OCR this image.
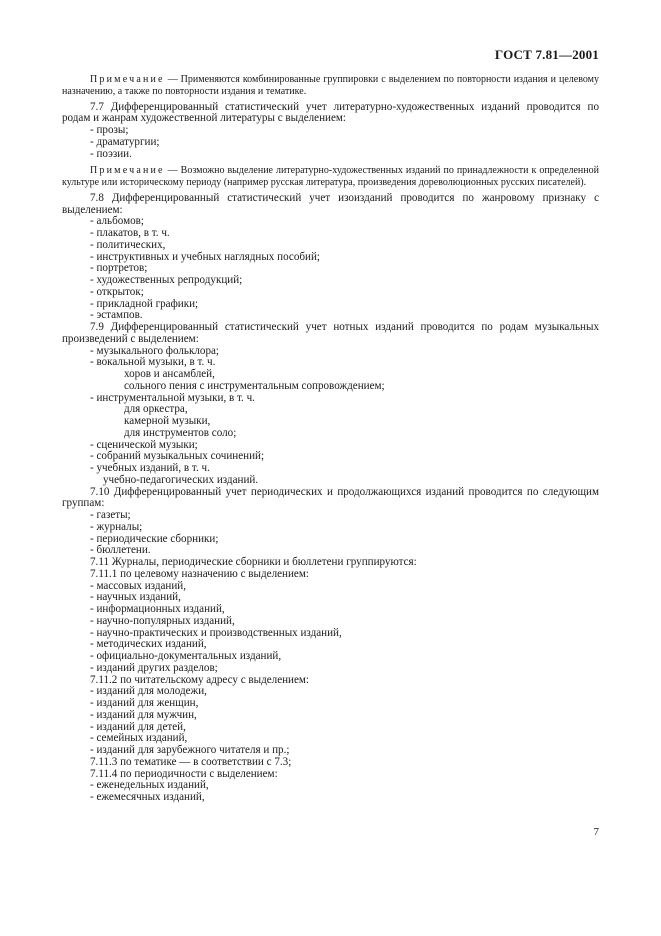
ГОСТ 7.81—2001

Примечание — Применяются комбинированные группировки с выделением по повторности издания и целевому назначению, а также по повторности издания и тематике.

7.7 Дифференцированный статистический учет литературно-художественных изданий проводится по родам и жанрам художественной литературы с выделением:

- прозы;

- драматургии;

- поэзии.

Примечание — Возможно выделение литературно-художественных изданий по принадлежности к определенной культуре или историческому периоду (например русская литература, произведения дореволюционных русских писателей).

7.8 Дифференцированный статистический учет изоизданий проводится по жанровому признаку с выделением:

- альбомов;

- плакатов, в т. ч.

- политических,

- инструктивных и учебных наглядных пособий;

- портретов;

- художественных репродукций;

- открыток;

- прикладной графики;

- эстампов.

7.9 Дифференцированный статистический учет нотных изданий проводится по родам музыкальных произведений с выделением:

- музыкального фольклора;

- вокальной музыки, в т. ч.

хоров и ансамблей,

сольного пения с инструментальным сопровождением;

- инструментальной музыки, в т. ч.

для оркестра,

камерной музыки,

для инструментов соло;

- сценической музыки;

- собраний музыкальных сочинений;

- учебных изданий, в т. ч.

учебно-педагогических изданий.

7.10 Дифференцированный учет периодических и продолжающихся изданий проводится по следующим группам:

- газеты;

- журналы;

- периодические сборники;

- бюллетени.

7.11 Журналы, периодические сборники и бюллетени группируются:

7.11.1 по целевому назначению с выделением:

- массовых изданий,

- научных изданий,

- информационных изданий,

- научно-популярных изданий,

- научно-практических и производственных изданий,

- методических изданий,

- официально-документальных изданий,

- изданий других разделов;

7.11.2 по читательскому адресу с выделением:

- изданий для молодежи,

- изданий для женщин,

- изданий для мужчин,

- изданий для детей,

- семейных изданий,

- изданий для зарубежного читателя и пр.;

7.11.3 по тематике — в соответствии с 7.3;

7.11.4 по периодичности с выделением:

- еженедельных изданий,

- ежемесячных изданий,

7
